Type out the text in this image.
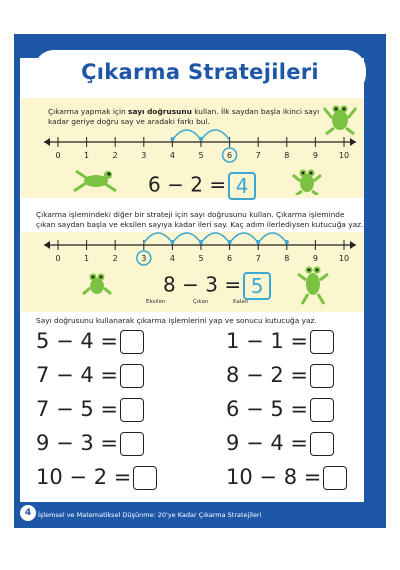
Çıkarma Stratejileri
Çıkarma yapmak için sayı doğrusunu kullan. İlk saydan başla ikinci sayı
kadar geriye doğru say ve aradaki farkı bul.
0	1	2	3	4	5	6	7	8	9	10
6 − 2 = 4
Çıkarma işlemindeki diğer bir strateji için sayı doğrusunu kullan. Çıkarma işleminde
çıkan saydan başla ve eksilen sayıya kadar ileri say. Kaç adım ilerlediysen kutucuğa yaz.
0	1	2	3	4	5	6	7	8	9	10
8 − 3 = 5
Eksilen	Çıkan	Kalan
Sayı doğrusunu kullanarak çıkarma işlemlerini yap ve sonucu kutucuğa yaz.
5 − 4 =	1 − 1 =
7 − 4 =	8 − 2 =
7 − 5 =	6 − 5 =
9 − 3 =	9 − 4 =
10 − 2 =	10 − 8 =
İşlemsel ve Matematiksel Düşünme: 20'ye Kadar Çıkarma Stratejileri
4
